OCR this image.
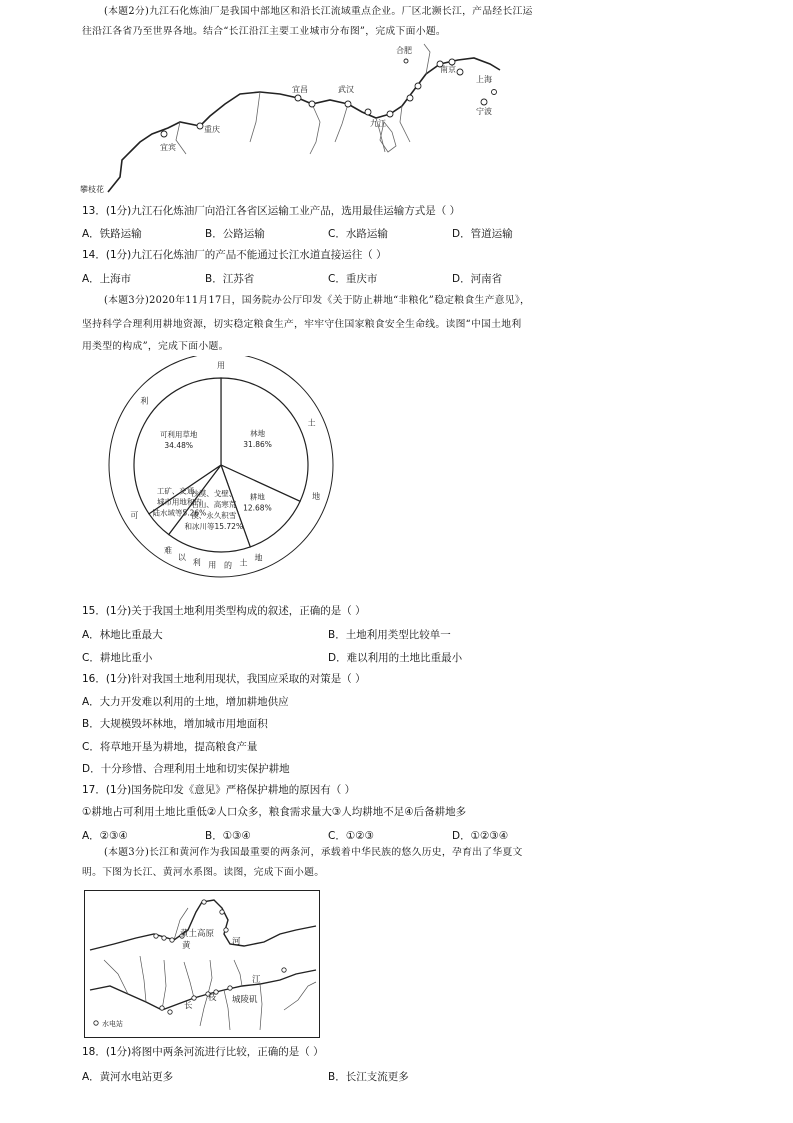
(本题2分)九江石化炼油厂是我国中部地区和沿长江流域重点企业。厂区北濒长江，产品经长江运
往沿江各省乃至世界各地。结合“长江沿江主要工业城市分布图”，完成下面小题。
合肥
南京
上海
宁波
宜昌	武汉
重庆
宜宾
九江
攀枝花
13．(1分)九江石化炼油厂向沿江各省区运输工业产品，选用最佳运输方式是（ ）
A．铁路运输	B．公路运输	C．水路运输	D．管道运输
14．(1分)九江石化炼油厂的产品不能通过长江水道直接运往（ ）
A．上海市	B．江苏省	C．重庆市	D．河南省
(本题3分)2020年11月17日，国务院办公厅印发《关于防止耕地“非粮化”稳定粮食生产意见》，
坚持科学合理利用耕地资源，切实稳定粮食生产，牢牢守住国家粮食安全生命线。读图“中国土地利
用类型的构成”，完成下面小题。
林地 31.86%
耕地 12.68%
沙漠、戈壁、石山、高寒荒漠、永久积雪和冰川等15.72%
工矿、交通、城市用地和内陆水域等5.26%
可利用草地 34.48%
用
土
地
可
利
难
以
利 用 的 土
地
15．(1分)关于我国土地利用类型构成的叙述，正确的是（ ）
A．林地比重最大	B．土地利用类型比较单一
C．耕地比重小	D．难以利用的土地比重最小
16．(1分)针对我国土地利用现状，我国应采取的对策是（ ）
A．大力开发难以利用的土地，增加耕地供应
B．大规模毁坏林地，增加城市用地面积
C．将草地开垦为耕地，提高粮食产量
D．十分珍惜、合理利用土地和切实保护耕地
17．(1分)国务院印发《意见》严格保护耕地的原因有（ ）
①耕地占可利用土地比重低②人口众多，粮食需求量大③人均耕地不足④后备耕地多
A．②③④	B．①③④	C．①②③	D．①②③④
(本题3分)长江和黄河作为我国最重要的两条河，承载着中华民族的悠久历史，孕育出了华夏文
明。下图为长江、黄河水系图。读图，完成下面小题。
黄土高原
黄	河
江
长
枝 城陵矶
水电站
18．(1分)将图中两条河流进行比较，正确的是（ ）
A．黄河水电站更多	B．长江支流更多
